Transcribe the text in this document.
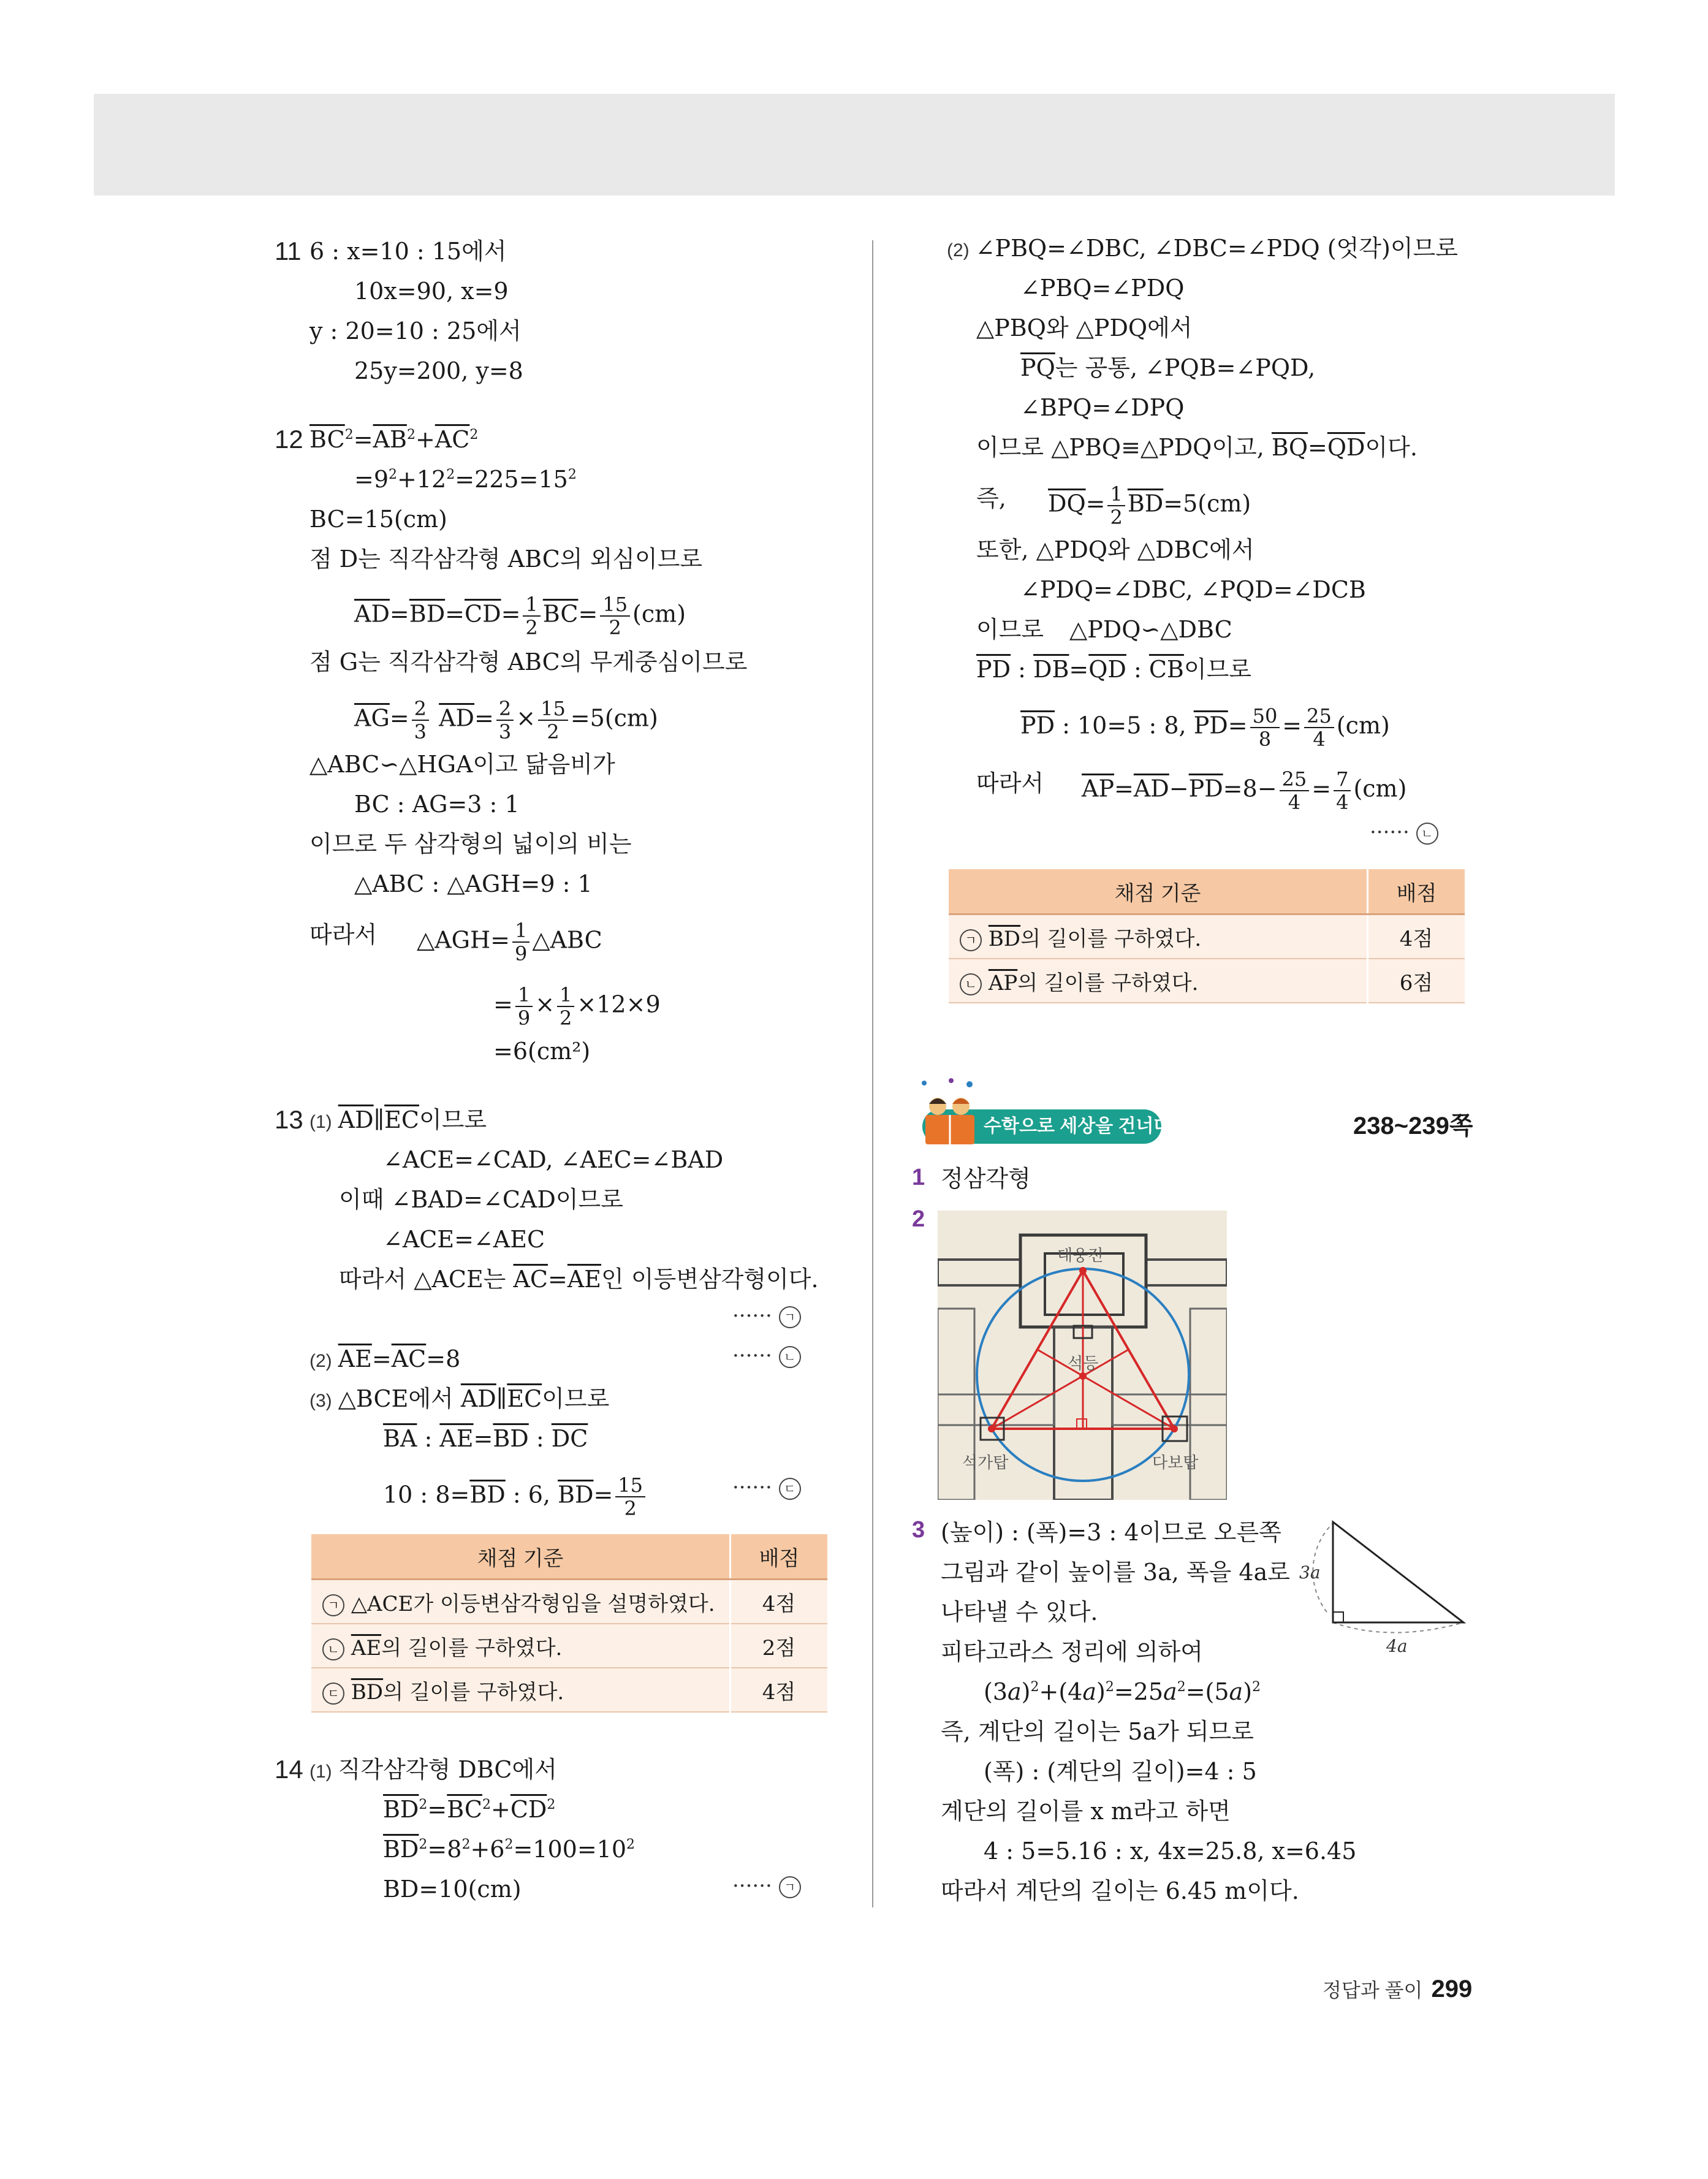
11 6 : x=10 : 15에서
10x=90, x=9
y : 20=10 : 25에서
25y=200, y=8
12 $\overline{BC}^2=\overline{AB}^2+\overline{AC}^2$
$=9^2+12^2=225=15^2$
BC=15(cm)
점 D는 직각삼각형 ABC의 외심이므로
$\overline{AD}=\overline{BD}=\overline{CD}= \frac{1}{2} \overline{BC}= \frac{15}{2} (cm)$
점 G는 직각삼각형 ABC의 무게중심이므로
$\overline{AG}= \frac{2}{3} \overline{AD}= \frac{2}{3} \times \frac{15}{2} =5(cm)$
△ABC∽△HGA이고 닮음비가
BC : AG=3 : 1
이므로 두 삼각형의 넓이의 비는
△ABC : △AGH=9 : 1
따라서 △AGH= $\frac{1}{9}$ △ABC
= $\frac{1}{9} \times \frac{1}{2} \times 12\times 9$
=6(cm²)
13 (1) $\overline{AD}\parallel\overline{EC}$이므로
∠ACE=∠CAD, ∠AEC=∠BAD
이때 ∠BAD=∠CAD이므로
∠ACE=∠AEC
따라서 △ACE는 $\overline{AC}=\overline{AE}$인 이등변삼각형이다.
······ ㄱ
(2) $\overline{AE}=\overline{AC}=8$	······ ㄴ
(3) △BCE에서 $\overline{AD}\parallel\overline{EC}$이므로
$\overline{BA}$ : $\overline{AE}=\overline{BD}$ : $\overline{DC}$
10 : $8=\overline{BD}$ : 6, $\overline{BD}= \frac{15}{2}$	······ ㄷ
채점 기준	배점
ㄱ △ACE가 이등변삼각형임을 설명하였다.	4점
ㄴ $\overline{AE}$의 길이를 구하였다.	2점
ㄷ $\overline{BD}$의 길이를 구하였다.	4점
14 (1) 직각삼각형 DBC에서
$\overline{BD}^2=\overline{BC}^2+\overline{CD}^2$
$\overline{BD}^2=8^2+6^2=100=10^2$
BD=10(cm)	······ ㄱ
(2) ∠PBQ=∠DBC, ∠DBC=∠PDQ (엇각)이므로
∠PBQ=∠PDQ
△PBQ와 △PDQ에서
$\overline{PQ}$는 공통, ∠PQB=∠PQD,
∠BPQ=∠DPQ
이므로 △PBQ≡△PDQ이고, $\overline{BQ}=\overline{QD}$이다.
즉, $\overline{DQ}= \frac{1}{2} \overline{BD}=5(cm)$
또한, △PDQ와 △DBC에서
∠PDQ=∠DBC, ∠PQD=∠DCB
이므로 △PDQ∽△DBC
$\overline{PD}$ : $\overline{DB}=\overline{QD}$ : $\overline{CB}$이므로
$\overline{PD}$ : 10=5 : 8, $\overline{PD}= \frac{50}{8} = \frac{25}{4} (cm)$
따라서 $\overline{AP}=\overline{AD}-\overline{PD}=8- \frac{25}{4} = \frac{7}{4} (cm)$
······ ㄴ
채점 기준	배점
ㄱ $\overline{BD}$의 길이를 구하였다.	4점
ㄴ $\overline{AP}$의 길이를 구하였다.	6점
수학으로 세상을 건너다	238~239쪽
1 정삼각형
2
대웅전
석등
석가탑	다보탑
3 (높이) : (폭)=3 : 4이므로 오른쪽
그림과 같이 높이를 3a, 폭을 4a로
나타낼 수 있다.
피타고라스 정리에 의하여
$(3a)^2+(4a)^2=25a^2=(5a)^2$
즉, 계단의 길이는 5a가 되므로
(폭) : (계단의 길이)=4 : 5
계단의 길이를 x m라고 하면
4 : 5=5.16 : x, 4x=25.8, x=6.45
따라서 계단의 길이는 6.45 m이다.
3a
4a
정답과 풀이 299
